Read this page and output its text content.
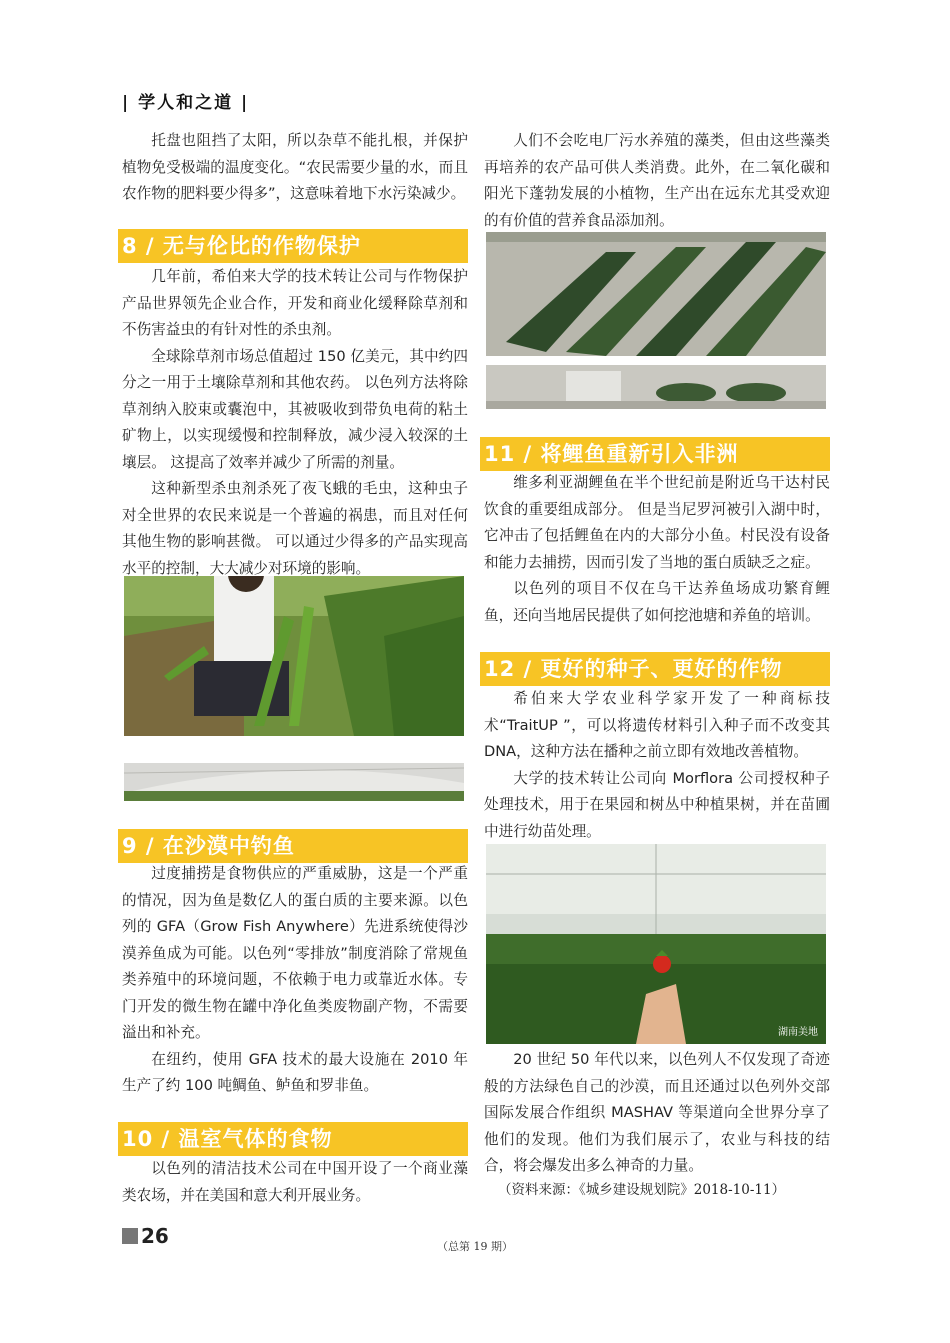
| 学人和之道 |

托盘也阻挡了太阳，所以杂草不能扎根，并保护植物免受极端的温度变化。“农民需要少量的水，而且农作物的肥料要少得多”，这意味着地下水污染减少。

8 / 无与伦比的作物保护

几年前，希伯来大学的技术转让公司与作物保护产品世界领先企业合作，开发和商业化缓释除草剂和不伤害益虫的有针对性的杀虫剂。

全球除草剂市场总值超过 150 亿美元，其中约四分之一用于土壤除草剂和其他农药。 以色列方法将除草剂纳入胶束或囊泡中，其被吸收到带负电荷的粘土矿物上，以实现缓慢和控制释放，减少浸入较深的土壤层。 这提高了效率并减少了所需的剂量。

这种新型杀虫剂杀死了夜飞蛾的毛虫，这种虫子对全世界的农民来说是一个普遍的祸患，而且对任何其他生物的影响甚微。 可以通过少得多的产品实现高水平的控制，大大减少对环境的影响。

9 / 在沙漠中钓鱼

过度捕捞是食物供应的严重威胁，这是一个严重的情况，因为鱼是数亿人的蛋白质的主要来源。以色列的 GFA（Grow Fish Anywhere）先进系统使得沙漠养鱼成为可能。以色列“零排放”制度消除了常规鱼类养殖中的环境问题，不依赖于电力或靠近水体。专门开发的微生物在罐中净化鱼类废物副产物，不需要溢出和补充。

在纽约，使用 GFA 技术的最大设施在 2010 年生产了约 100 吨鲷鱼、鲈鱼和罗非鱼。

10 / 温室气体的食物

以色列的清洁技术公司在中国开设了一个商业藻类农场，并在美国和意大利开展业务。

人们不会吃电厂污水养殖的藻类，但由这些藻类再培养的农产品可供人类消费。此外，在二氧化碳和阳光下蓬勃发展的小植物，生产出在远东尤其受欢迎的有价值的营养食品添加剂。

11 / 将鲤鱼重新引入非洲

维多利亚湖鲤鱼在半个世纪前是附近乌干达村民饮食的重要组成部分。 但是当尼罗河被引入湖中时，它冲击了包括鲤鱼在内的大部分小鱼。村民没有设备和能力去捕捞，因而引发了当地的蛋白质缺乏之症。

以色列的项目不仅在乌干达养鱼场成功繁育鲤鱼，还向当地居民提供了如何挖池塘和养鱼的培训。

12 / 更好的种子、更好的作物

希伯来大学农业科学家开发了一种商标技术“TraitUP ”，可以将遗传材料引入种子而不改变其DNA，这种方法在播种之前立即有效地改善植物。

大学的技术转让公司向 Morflora 公司授权种子处理技术，用于在果园和树丛中种植果树，并在苗圃中进行幼苗处理。

湖南美地

20 世纪 50 年代以来，以色列人不仅发现了奇迹般的方法绿色自己的沙漠，而且还通过以色列外交部国际发展合作组织 MASHAV 等渠道向全世界分享了他们的发现。他们为我们展示了，农业与科技的结合，将会爆发出多么神奇的力量。

（资料来源：《城乡建设规划院》2018-10-11）
26	（总第 19 期）
